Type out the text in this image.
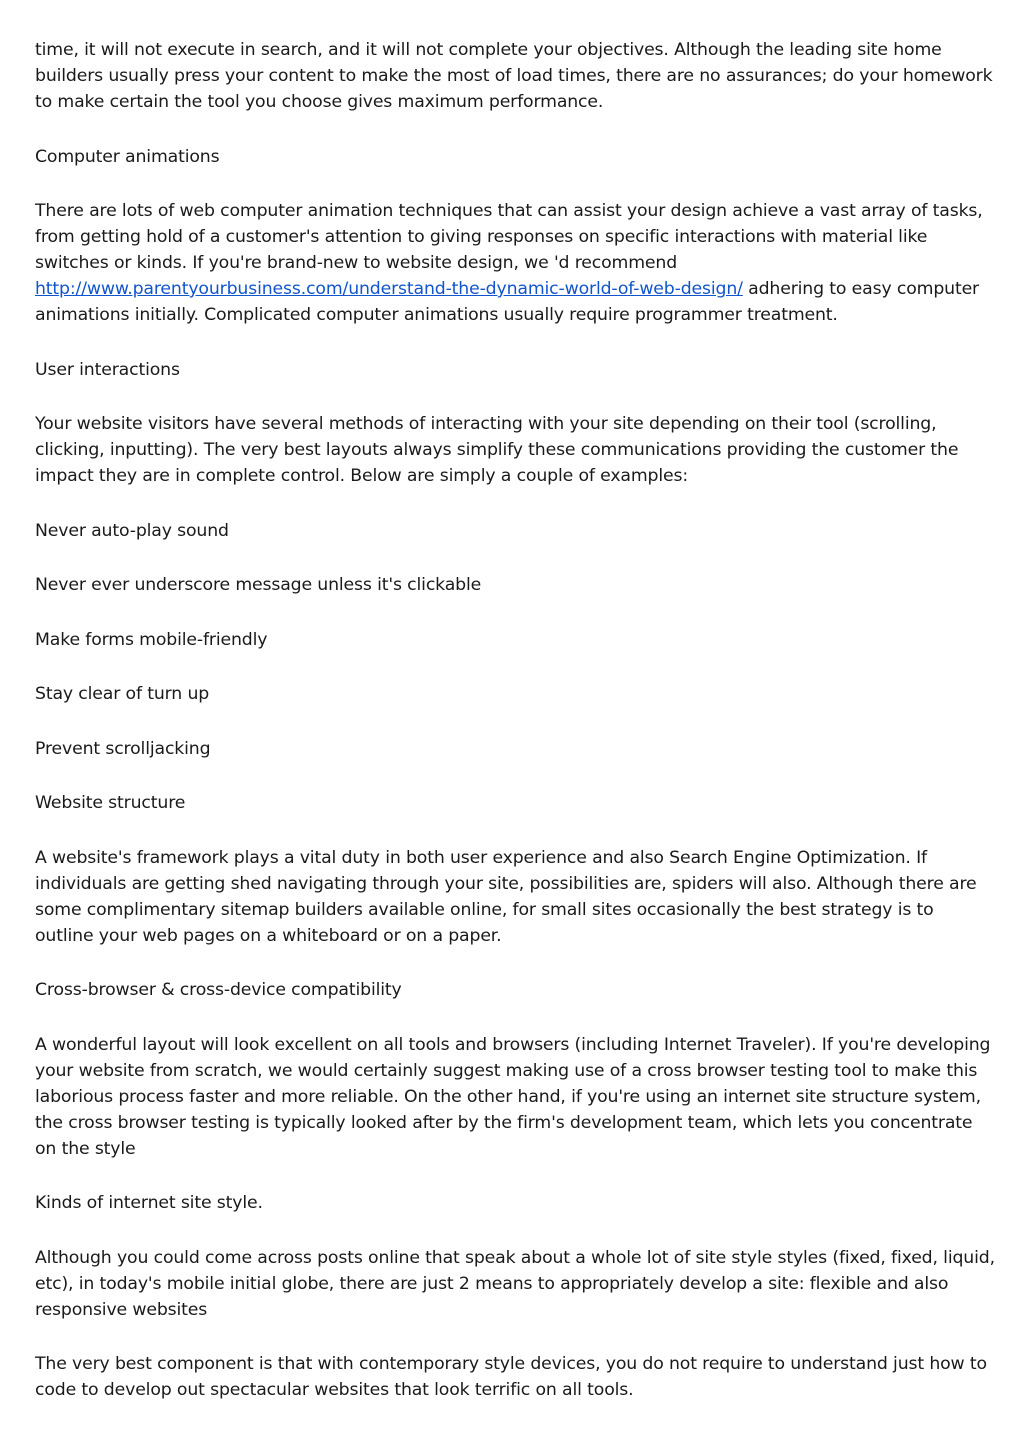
time, it will not execute in search, and it will not complete your objectives. Although the leading site home builders usually press your content to make the most of load times, there are no assurances; do your homework to make certain the tool you choose gives maximum performance.

Computer animations

There are lots of web computer animation techniques that can assist your design achieve a vast array of tasks, from getting hold of a customer's attention to giving responses on specific interactions with material like switches or kinds. If you're brand-new to website design, we 'd recommend http://www.parentyourbusiness.com/understand-the-dynamic-world-of-web-design/ adhering to easy computer animations initially. Complicated computer animations usually require programmer treatment.

User interactions

Your website visitors have several methods of interacting with your site depending on their tool (scrolling, clicking, inputting). The very best layouts always simplify these communications providing the customer the impact they are in complete control. Below are simply a couple of examples:

Never auto-play sound

Never ever underscore message unless it's clickable

Make forms mobile-friendly

Stay clear of turn up

Prevent scrolljacking

Website structure

A website's framework plays a vital duty in both user experience and also Search Engine Optimization. If individuals are getting shed navigating through your site, possibilities are, spiders will also. Although there are some complimentary sitemap builders available online, for small sites occasionally the best strategy is to outline your web pages on a whiteboard or on a paper.

Cross-browser & cross-device compatibility

A wonderful layout will look excellent on all tools and browsers (including Internet Traveler). If you're developing your website from scratch, we would certainly suggest making use of a cross browser testing tool to make this laborious process faster and more reliable. On the other hand, if you're using an internet site structure system, the cross browser testing is typically looked after by the firm's development team, which lets you concentrate on the style

Kinds of internet site style.

Although you could come across posts online that speak about a whole lot of site style styles (fixed, fixed, liquid, etc), in today's mobile initial globe, there are just 2 means to appropriately develop a site: flexible and also responsive websites

The very best component is that with contemporary style devices, you do not require to understand just how to code to develop out spectacular websites that look terrific on all tools.
